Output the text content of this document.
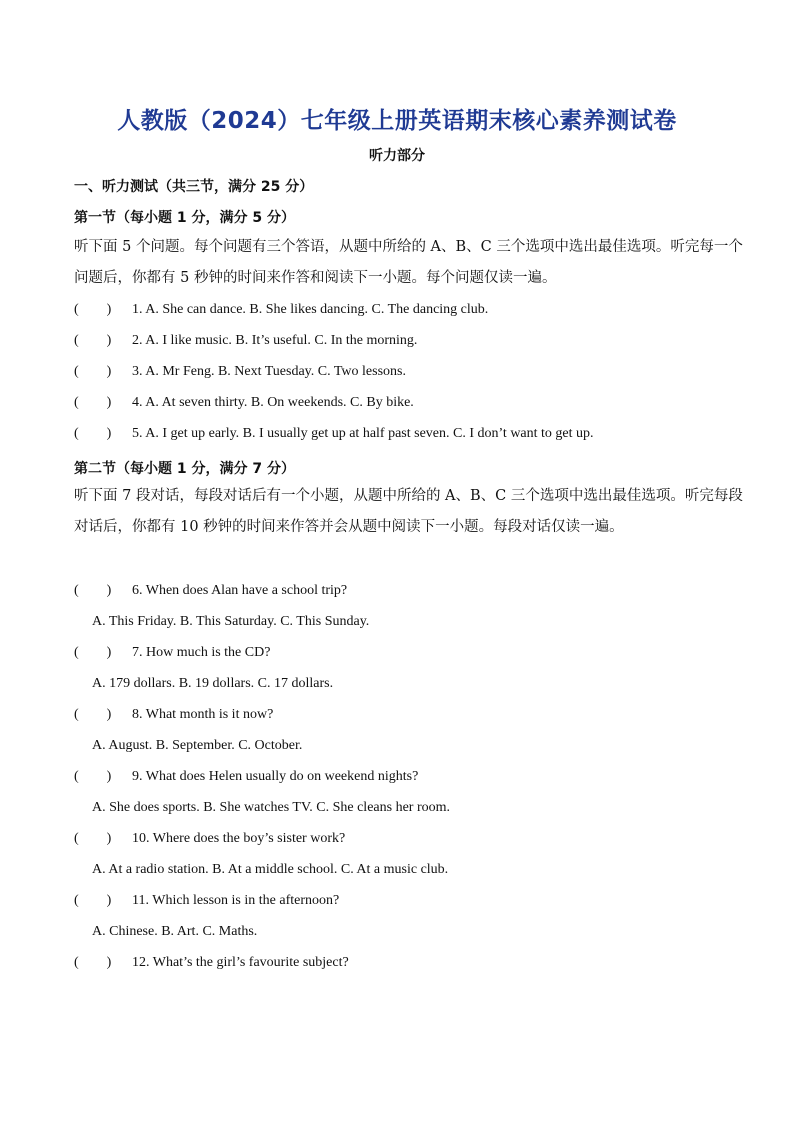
人教版（2024）七年级上册英语期末核心素养测试卷
听力部分
一、听力测试（共三节，满分 25 分）
第一节（每小题 1 分，满分 5 分）
听下面 5 个问题。每个问题有三个答语，从题中所给的 A、B、C 三个选项中选出最佳选项。听完每一个问题后，你都有 5 秒钟的时间来作答和阅读下一小题。每个问题仅读一遍。
(　　) 1. A. She can dance. B. She likes dancing. C. The dancing club.
(　　) 2. A. I like music. B. It’s useful. C. In the morning.
(　　) 3. A. Mr Feng. B. Next Tuesday. C. Two lessons.
(　　) 4. A. At seven thirty. B. On weekends. C. By bike.
(　　) 5. A. I get up early. B. I usually get up at half past seven. C. I don’t want to get up.
第二节（每小题 1 分，满分 7 分）
听下面 7 段对话，每段对话后有一个小题，从题中所给的 A、B、C 三个选项中选出最佳选项。听完每段对话后，你都有 10 秒钟的时间来作答并会从题中阅读下一小题。每段对话仅读一遍。
(　　) 6. When does Alan have a school trip?
A. This Friday. B. This Saturday. C. This Sunday.
(　　) 7. How much is the CD?
A. 179 dollars. B. 19 dollars. C. 17 dollars.
(　　) 8. What month is it now?
A. August. B. September. C. October.
(　　) 9. What does Helen usually do on weekend nights?
A. She does sports. B. She watches TV. C. She cleans her room.
(　　) 10. Where does the boy’s sister work?
A. At a radio station. B. At a middle school. C. At a music club.
(　　) 11. Which lesson is in the afternoon?
A. Chinese. B. Art. C. Maths.
(　　) 12. What’s the girl’s favourite subject?
